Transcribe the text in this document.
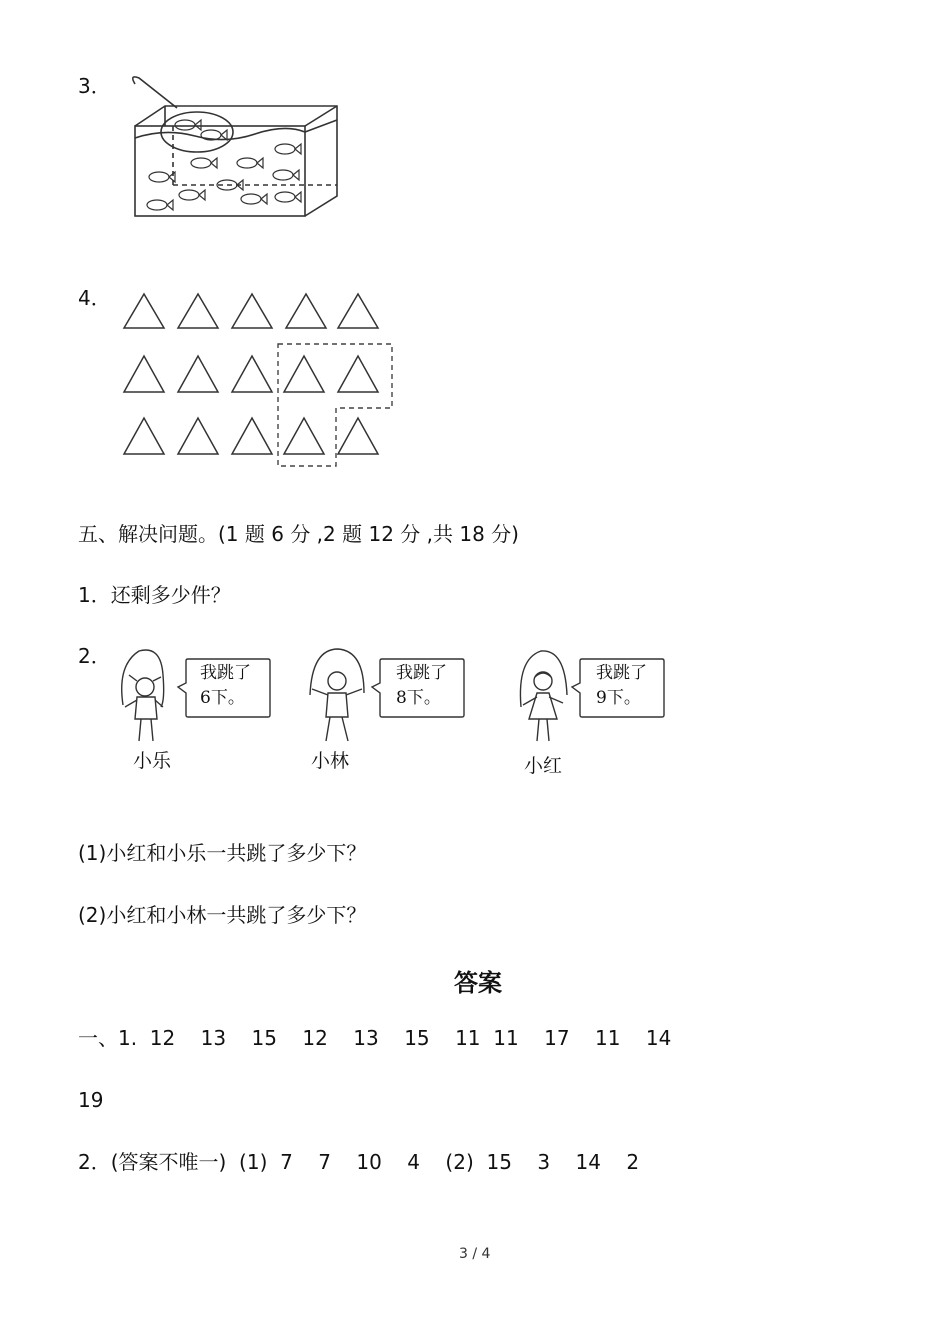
3．
4．
五、解决问题。(1 题 6 分 ,2 题 12 分 ,共 18 分)
1．还剩多少件？
2．
我跳了
6下。
小乐
我跳了
8下。
小林
我跳了
9下。
小红
(1)小红和小乐一共跳了多少下？
(2)小红和小林一共跳了多少下？
答案
一、1.  12    13    15    12    13    15    11  11    17    11    14
19
2．(答案不唯一)  (1)  7    7    10    4    (2)  15    3    14    2
3 / 4
